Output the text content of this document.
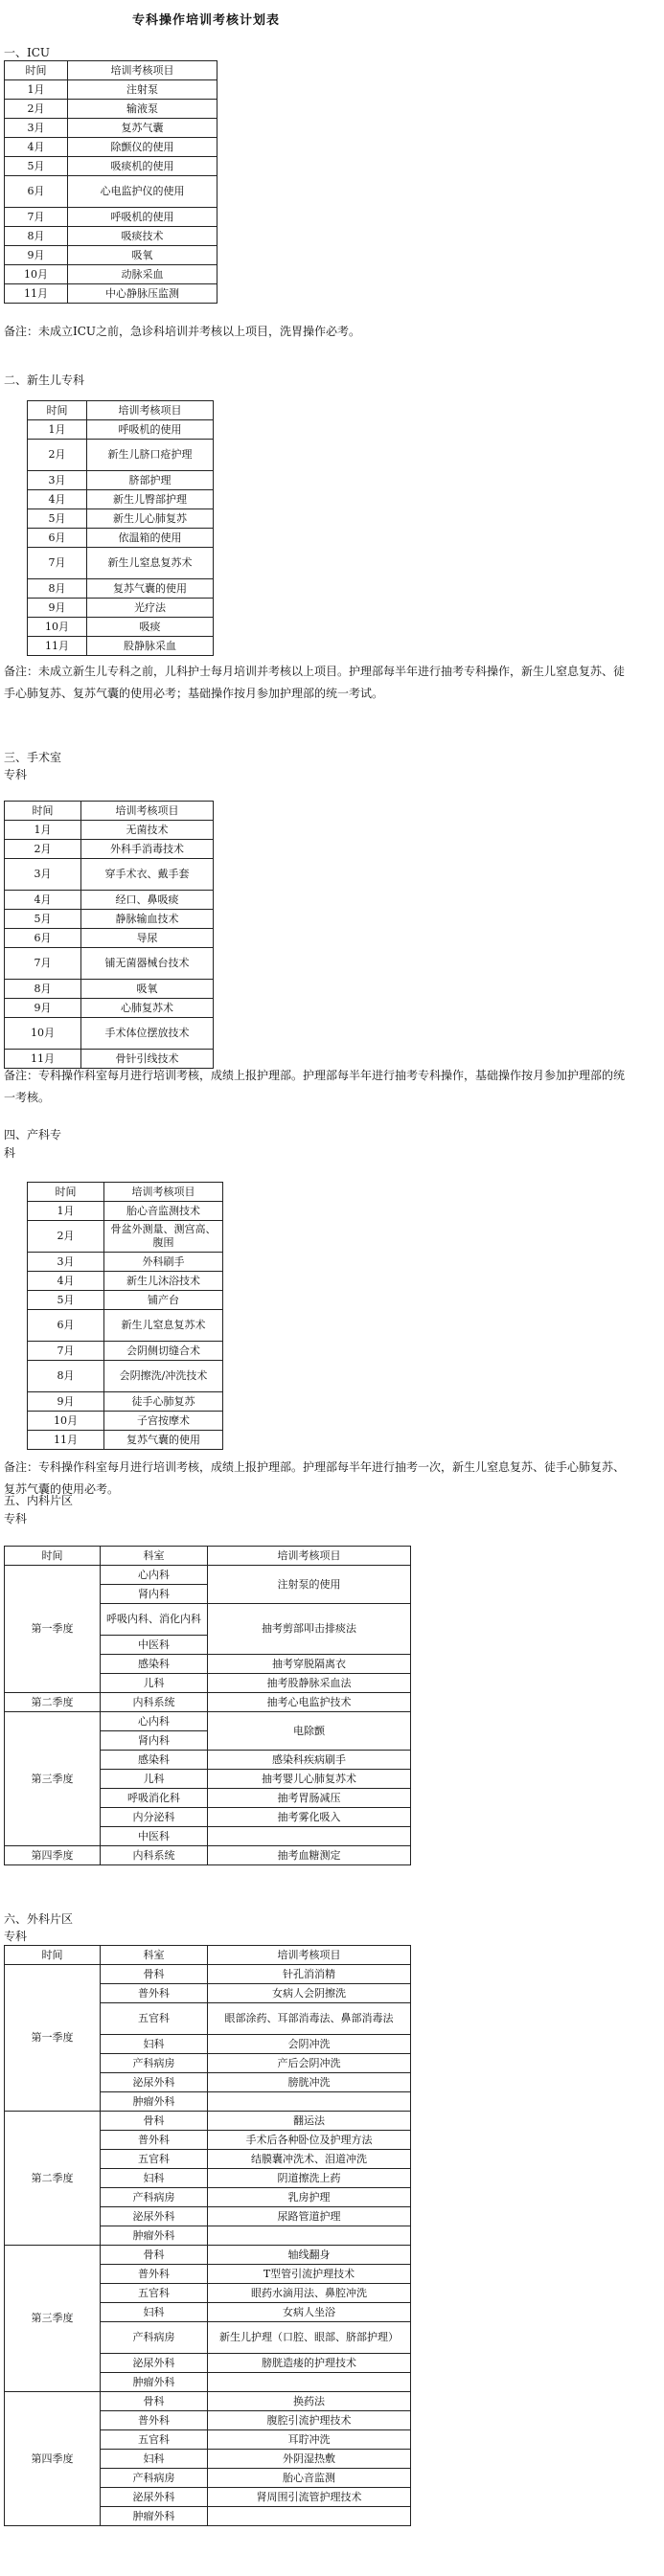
专科操作培训考核计划表
一、ICU
时间	培训考核项目
1月	注射泵
2月	输液泵
3月	复苏气囊
4月	除颤仪的使用
5月	吸痰机的使用
6月	心电监护仪的使用
7月	呼吸机的使用
8月	吸痰技术
9月	吸氧
10月	动脉采血
11月	中心静脉压监测
备注：未成立ICU之前，急诊科培训并考核以上项目，洗胃操作必考。
二、新生儿专科
时间	培训考核项目
1月	呼吸机的使用
2月	新生儿脐口疮护理
3月	脐部护理
4月	新生儿臀部护理
5月	新生儿心肺复苏
6月	依温箱的使用
7月	新生儿窒息复苏术
8月	复苏气囊的使用
9月	光疗法
10月	吸痰
11月	股静脉采血
备注：未成立新生儿专科之前，儿科护士每月培训并考核以上项目。护理部每半年进行抽考专科操作，新生儿窒息复苏、徒手心肺复苏、复苏气囊的使用必考；基础操作按月参加护理部的统一考试。
三、手术室
专科
时间	培训考核项目
1月	无菌技术
2月	外科手消毒技术
3月	穿手术衣、戴手套
4月	经口、鼻吸痰
5月	静脉输血技术
6月	导尿
7月	铺无菌器械台技术
8月	吸氧
9月	心肺复苏术
10月	手术体位摆放技术
11月	骨针引线技术
备注：专科操作科室每月进行培训考核，成绩上报护理部。护理部每半年进行抽考专科操作，基础操作按月参加护理部的统一考核。
四、产科专
科
时间	培训考核项目
1月	胎心音监测技术
2月	骨盆外测量、测宫高、腹围
3月	外科刷手
4月	新生儿沐浴技术
5月	铺产台
6月	新生儿窒息复苏术
7月	会阴侧切缝合术
8月	会阴擦洗/冲洗技术
9月	徒手心肺复苏
10月	子宫按摩术
11月	复苏气囊的使用
备注：专科操作科室每月进行培训考核，成绩上报护理部。护理部每半年进行抽考一次，新生儿窒息复苏、徒手心肺复苏、复苏气囊的使用必考。
五、内科片区
专科
时间	科室	培训考核项目
第一季度	心内科	注射泵的使用
	肾内科	
	呼吸内科、消化内科	抽考剪部叩击排痰法
	中医科	
	感染科	抽考穿脱隔离衣
	儿科	抽考股静脉采血法
第二季度	内科系统	抽考心电监护技术
第三季度	心内科	电除颤
	肾内科	
	感染科	感染科疾病刷手
	儿科	抽考婴儿心肺复苏术
	呼吸消化科	抽考胃肠减压
	内分泌科	抽考雾化吸入
	中医科	
第四季度	内科系统	抽考血糖测定
六、外科片区
专科
时间	科室	培训考核项目
第一季度	骨科	针孔消消精
	普外科	女病人会阴擦洗
	五官科	眼部涂药、耳部消毒法、鼻部消毒法
	妇科	会阴冲洗
	产科病房	产后会阴冲洗
	泌尿外科	膀胱冲洗
	肿瘤外科	
第二季度	骨科	翻运法
	普外科	手术后各种卧位及护理方法
	五官科	结膜囊冲洗术、泪道冲洗
	妇科	阴道擦洗上药
	产科病房	乳房护理
	泌尿外科	尿路管道护理
	肿瘤外科	
第三季度	骨科	轴线翻身
	普外科	T型管引流护理技术
	五官科	眼药水滴用法、鼻腔冲洗
	妇科	女病人坐浴
	产科病房	新生儿护理（口腔、眼部、脐部护理）
	泌尿外科	膀胱造瘘的护理技术
	肿瘤外科	
第四季度	骨科	换药法
	普外科	腹腔引流护理技术
	五官科	耳聍冲洗
	妇科	外阴湿热敷
	产科病房	胎心音监测
	泌尿外科	肾周围引流管护理技术
	肿瘤外科	
